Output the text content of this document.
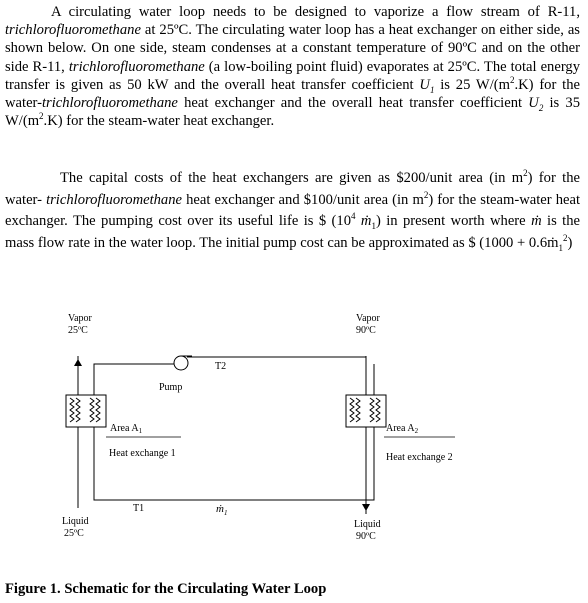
A circulating water loop needs to be designed to vaporize a flow stream of R-11, trichlorofluoromethane at 25ºC. The circulating water loop has a heat exchanger on either side, as shown below. On one side, steam condenses at a constant temperature of 90ºC and on the other side R-11, trichlorofluoromethane (a low-boiling point fluid) evaporates at 25ºC. The total energy transfer is given as 50 kW and the overall heat transfer coefficient $U_1$ is 25 $W/(m^2.K)$ for the water-trichlorofluoromethane heat exchanger and the overall heat transfer coefficient $U_2$ is 35 $W/(m^2.K)$ for the steam-water heat exchanger.

The capital costs of the heat exchangers are given as $200/unit area (in $m^2$) for the water- trichlorofluoromethane heat exchanger and $100/unit area (in $m^2$) for the steam-water heat exchanger. The pumping cost over its useful life is $ ($10^4$ ṁ$_1$) in present worth where ṁ is the mass flow rate in the water loop. The initial pump cost can be approximated as $ (1000 + 0.6ṁ$_1^2$)

Vapor
25ºC
Vapor
90ºC
Liquid
25ºC
Liquid
90ºC
Pump
T2
T1	ṁ$_1$
Area $A_1$
Heat exchange 1
Area $A_2$
Heat exchange 2
Figure 1. Schematic for the Circulating Water Loop
